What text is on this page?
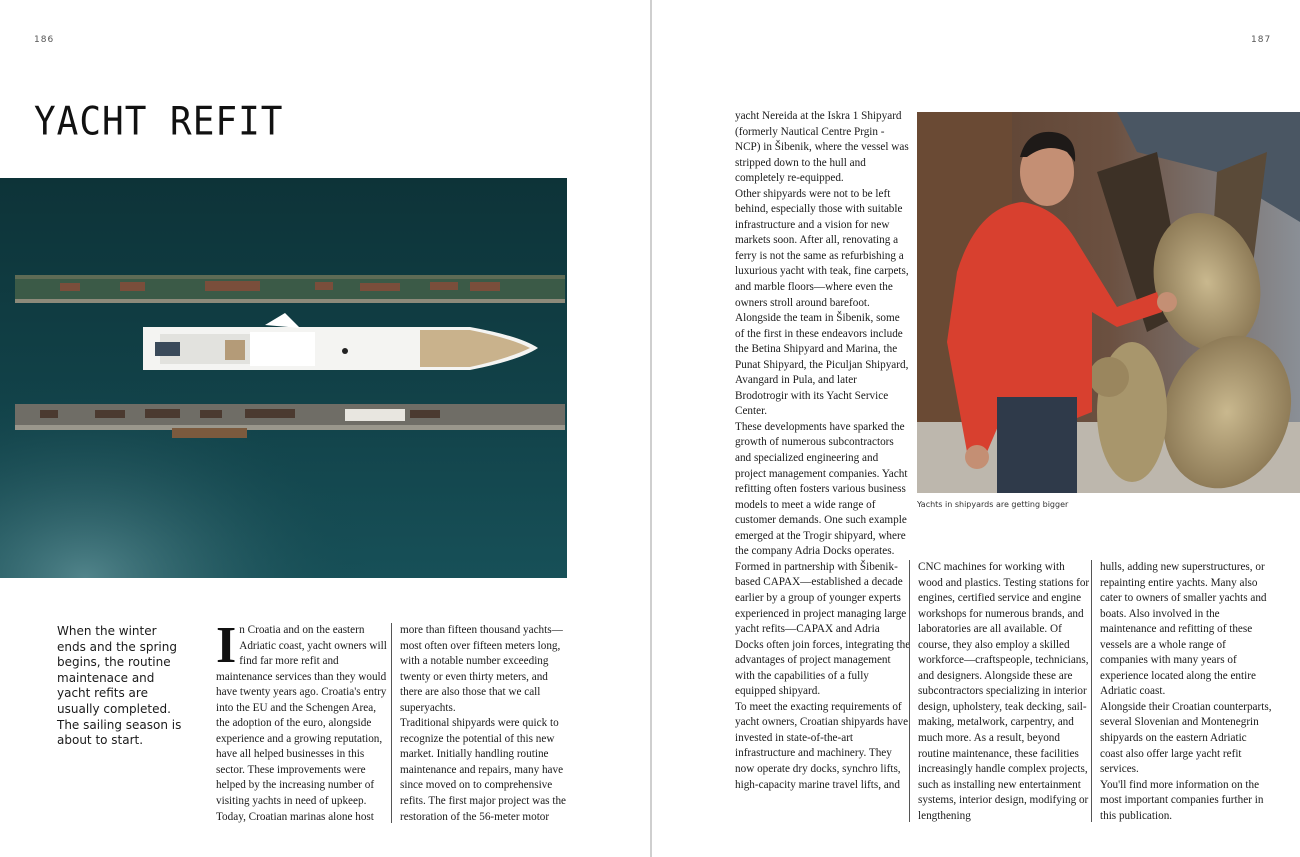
186
YACHT REFIT
When the winter ends and the spring begins, the routine maintenace and yacht refits are usually completed. The sailing season is about to start.
I n Croatia and on the eastern Adriatic coast, yacht owners will find far more refit and maintenance services than they would have twenty years ago. Croatia's entry into the EU and the Schengen Area, the adoption of the euro, alongside experience and a growing reputation, have all helped businesses in this sector. These improvements were helped by the increasing number of visiting yachts in need of upkeep. Today, Croatian marinas alone host

more than fifteen thousand yachts—most often over fifteen meters long, with a notable number exceeding twenty or even thirty meters, and there are also those that we call superyachts.

Traditional shipyards were quick to recognize the potential of this new market. Initially handling routine maintenance and repairs, many have since moved on to comprehensive refits. The first major project was the restoration of the 56-meter motor

187

yacht Nereida at the Iskra 1 Shipyard (formerly Nautical Centre Prgin - NCP) in Šibenik, where the vessel was stripped down to the hull and completely re-equipped.

Other shipyards were not to be left behind, especially those with suitable infrastructure and a vision for new markets soon. After all, renovating a ferry is not the same as refurbishing a luxurious yacht with teak, fine carpets, and marble floors—where even the owners stroll around barefoot. Alongside the team in Šibenik, some of the first in these endeavors include the Betina Shipyard and Marina, the Punat Shipyard, the Piculjan Shipyard, Avangard in Pula, and later Brodotrogir with its Yacht Service Center.

These developments have sparked the growth of numerous subcontractors and specialized engineering and project management companies. Yacht refitting often fosters various business models to meet a wide range of customer demands. One such example emerged at the Trogir shipyard, where the company Adria Docks operates. Formed in partnership with Šibenik-based CAPAX—established a decade earlier by a group of younger experts experienced in project managing large yacht refits—CAPAX and Adria Docks often join forces, integrating the advantages of project management with the capabilities of a fully equipped shipyard.

To meet the exacting requirements of yacht owners, Croatian shipyards have invested in state-of-the-art infrastructure and machinery. They now operate dry docks, synchro lifts, high-capacity marine travel lifts, and

Yachts in shipyards are getting bigger

CNC machines for working with wood and plastics. Testing stations for engines, certified service and engine workshops for numerous brands, and laboratories are all available. Of course, they also employ a skilled workforce—craftspeople, technicians, and designers. Alongside these are subcontractors specializing in interior design, upholstery, teak decking, sail-making, metalwork, carpentry, and much more. As a result, beyond routine maintenance, these facilities increasingly handle complex projects, such as installing new entertainment systems, interior design, modifying or lengthening

hulls, adding new superstructures, or repainting entire yachts. Many also cater to owners of smaller yachts and boats. Also involved in the maintenance and refitting of these vessels are a whole range of companies with many years of experience located along the entire Adriatic coast.

Alongside their Croatian counterparts, several Slovenian and Montenegrin shipyards on the eastern Adriatic coast also offer large yacht refit services.

You'll find more information on the most important companies further in this publication.
